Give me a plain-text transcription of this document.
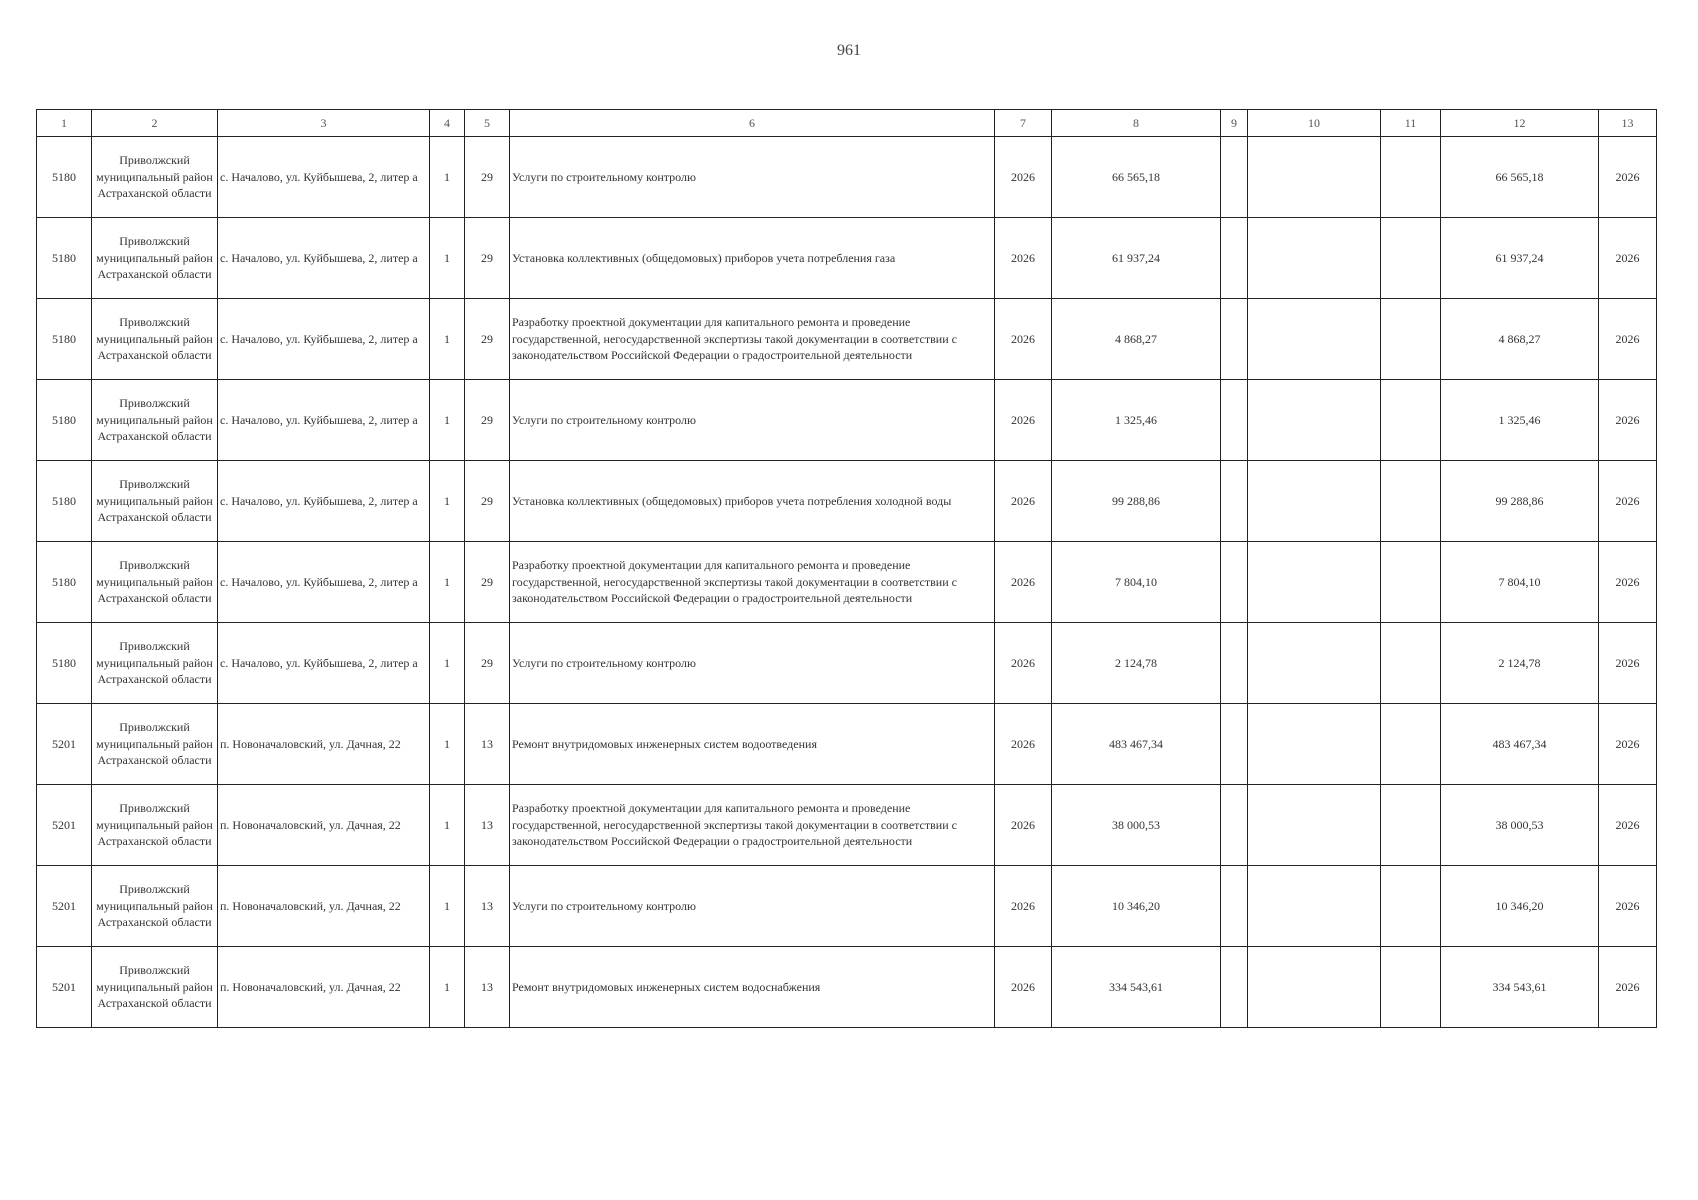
961
1	2	3	4	5	6	7	8	9	10	11	12	13
5180	Приволжский муниципальный район Астраханской области	с. Началово, ул. Куйбышева, 2, литер а	1	29	Услуги по строительному контролю	2026	66 565,18				66 565,18	2026
5180	Приволжский муниципальный район Астраханской области	с. Началово, ул. Куйбышева, 2, литер а	1	29	Установка коллективных (общедомовых) приборов учета потребления газа	2026	61 937,24				61 937,24	2026
5180	Приволжский муниципальный район Астраханской области	с. Началово, ул. Куйбышева, 2, литер а	1	29	Разработку проектной документации для капитального ремонта и проведение государственной, негосударственной экспертизы такой документации в соответствии с законодательством Российской Федерации о градостроительной деятельности	2026	4 868,27				4 868,27	2026
5180	Приволжский муниципальный район Астраханской области	с. Началово, ул. Куйбышева, 2, литер а	1	29	Услуги по строительному контролю	2026	1 325,46				1 325,46	2026
5180	Приволжский муниципальный район Астраханской области	с. Началово, ул. Куйбышева, 2, литер а	1	29	Установка коллективных (общедомовых) приборов учета потребления холодной воды	2026	99 288,86				99 288,86	2026
5180	Приволжский муниципальный район Астраханской области	с. Началово, ул. Куйбышева, 2, литер а	1	29	Разработку проектной документации для капитального ремонта и проведение государственной, негосударственной экспертизы такой документации в соответствии с законодательством Российской Федерации о градостроительной деятельности	2026	7 804,10				7 804,10	2026
5180	Приволжский муниципальный район Астраханской области	с. Началово, ул. Куйбышева, 2, литер а	1	29	Услуги по строительному контролю	2026	2 124,78				2 124,78	2026
5201	Приволжский муниципальный район Астраханской области	п. Новоначаловский, ул. Дачная, 22	1	13	Ремонт внутридомовых инженерных систем водоотведения	2026	483 467,34				483 467,34	2026
5201	Приволжский муниципальный район Астраханской области	п. Новоначаловский, ул. Дачная, 22	1	13	Разработку проектной документации для капитального ремонта и проведение государственной, негосударственной экспертизы такой документации в соответствии с законодательством Российской Федерации о градостроительной деятельности	2026	38 000,53				38 000,53	2026
5201	Приволжский муниципальный район Астраханской области	п. Новоначаловский, ул. Дачная, 22	1	13	Услуги по строительному контролю	2026	10 346,20				10 346,20	2026
5201	Приволжский муниципальный район Астраханской области	п. Новоначаловский, ул. Дачная, 22	1	13	Ремонт внутридомовых инженерных систем водоснабжения	2026	334 543,61				334 543,61	2026
